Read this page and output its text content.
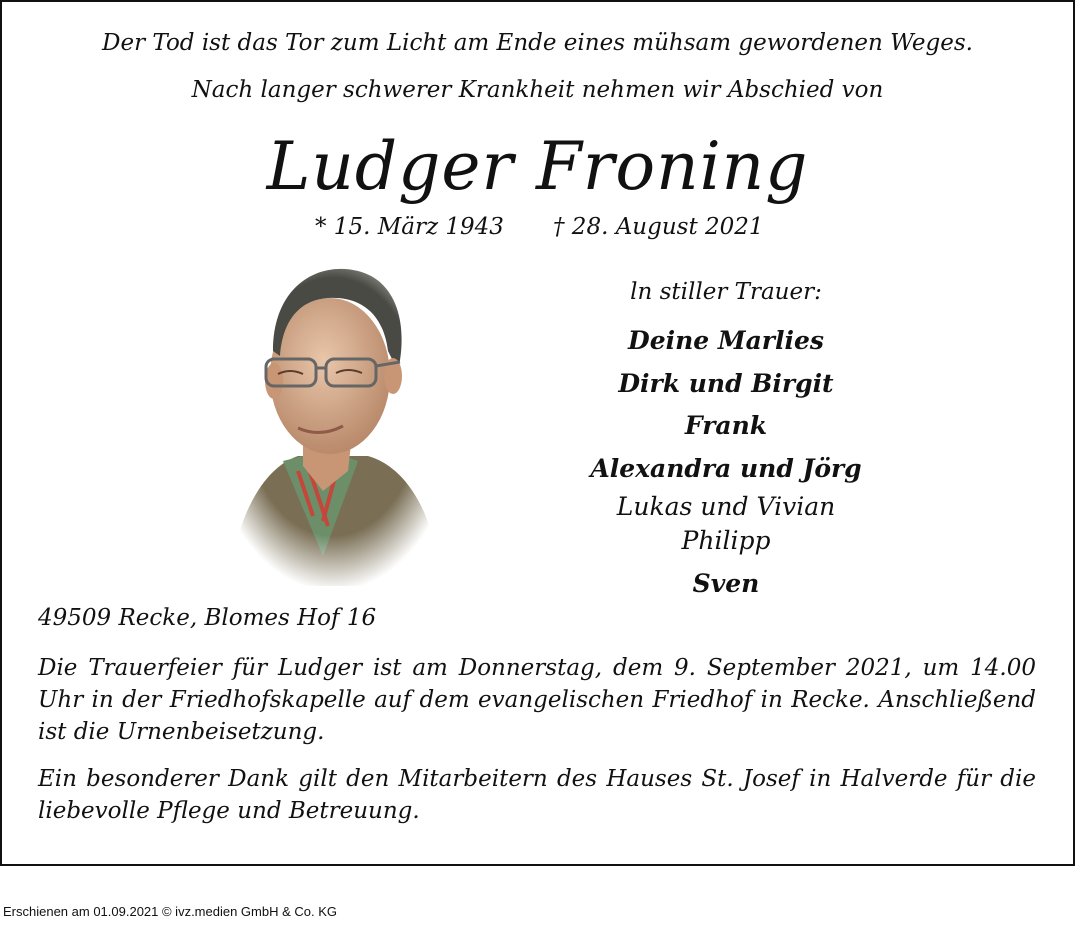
Der Tod ist das Tor zum Licht am Ende eines mühsam gewordenen Weges.
Nach langer schwerer Krankheit nehmen wir Abschied von
Ludger Froning
* 15. März 1943 † 28. August 2021
ln stiller Trauer:
Deine Marlies
Dirk und Birgit
Frank
Alexandra und Jörg
Lukas und Vivian
Philipp
Sven
49509 Recke, Blomes Hof 16
Die Trauerfeier für Ludger ist am Donnerstag, dem 9. September 2021, um 14.00 Uhr in der Friedhofskapelle auf dem evangelischen Friedhof in Recke. Anschließend ist die Urnenbeisetzung.
Ein besonderer Dank gilt den Mitarbeitern des Hauses St. Josef in Halverde für die liebevolle Pflege und Betreuung.
Erschienen am 01.09.2021 © ivz.medien GmbH & Co. KG
